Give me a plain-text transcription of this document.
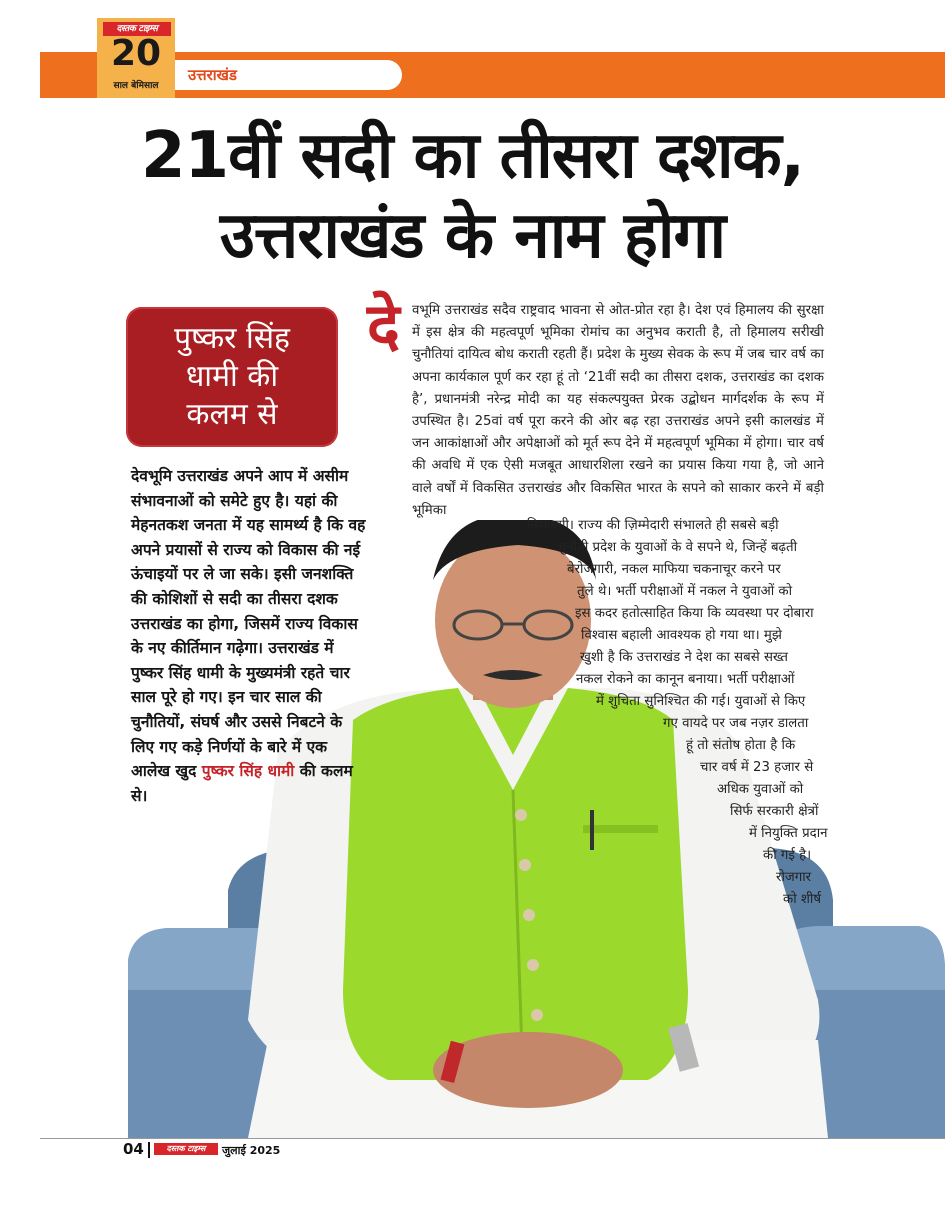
उत्तराखंड
दस्तक टाइम्स
20
साल बेमिसाल
21वीं सदी का तीसरा दशक,
उत्तराखंड के नाम होगा
पुष्कर सिंह
धामी की
कलम से
देवभूमि उत्तराखंड अपने आप में असीम संभावनाओं को समेटे हुए है। यहां की मेहनतकश जनता में यह सामर्थ्य है कि वह अपने प्रयासों से राज्य को विकास की नई ऊंचाइयों पर ले जा सके। इसी जनशक्ति की कोशिशों से सदी का तीसरा दशक उत्तराखंड का होगा, जिसमें राज्य विकास के नए कीर्तिमान गढ़ेगा। उत्तराखंड में पुष्कर सिंह धामी के मुख्यमंत्री रहते चार साल पूरे हो गए। इन चार साल की चुनौतियों, संघर्ष और उससे निबटने के लिए गए कड़े निर्णयों के बारे में एक आलेख खुद पुष्कर सिंह धामी की कलम से।
दे वभूमि उत्तराखंड सदैव राष्ट्रवाद भावना से ओत-प्रोत रहा है। देश एवं हिमालय की सुरक्षा में इस क्षेत्र की महत्वपूर्ण भूमिका रोमांच का अनुभव कराती है, तो हिमालय सरीखी चुनौतियां दायित्व बोध कराती रहती हैं। प्रदेश के मुख्य सेवक के रूप में जब चार वर्ष का अपना कार्यकाल पूर्ण कर रहा हूं तो ‘21वीं सदी का तीसरा दशक, उत्तराखंड का दशक है’, प्रधानमंत्री नरेन्द्र मोदी का यह संकल्पयुक्त प्रेरक उद्बोधन मार्गदर्शक के रूप में उपस्थित है। 25वां वर्ष पूरा करने की ओर बढ़ रहा उत्तराखंड अपने इसी कालखंड में जन आकांक्षाओं और अपेक्षाओं को मूर्त रूप देने में महत्वपूर्ण भूमिका में होगा। चार वर्ष की अवधि में एक ऐसी मजबूत आधारशिला रखने का प्रयास किया गया है, जो आने वाले वर्षों में विकसित उत्तराखंड और विकसित भारत के सपने को साकार करने में बड़ी भूमिका
निभाएगी। राज्य की ज़िम्मेदारी संभालते ही सबसे बड़ी
चुनौती प्रदेश के युवाओं के वे सपने थे, जिन्हें बढ़ती
बेरोजगारी, नकल माफिया चकनाचूर करने पर
तुले थे। भर्ती परीक्षाओं में नकल ने युवाओं को
इस कदर हतोत्साहित किया कि व्यवस्था पर दोबारा
विश्वास बहाली आवश्यक हो गया था। मुझे
खुशी है कि उत्तराखंड ने देश का सबसे सख्त
नकल रोकने का कानून बनाया। भर्ती परीक्षाओं
में शुचिता सुनिश्चित की गई। युवाओं से किए
गए वायदे पर जब नज़र डालता
हूं तो संतोष होता है कि
चार वर्ष में 23 हजार से
अधिक युवाओं को
सिर्फ सरकारी क्षेत्रों
में नियुक्ति प्रदान
की गई है।
रोजगार
को शीर्ष
04	दस्तक टाइम्स	जुलाई 2025
